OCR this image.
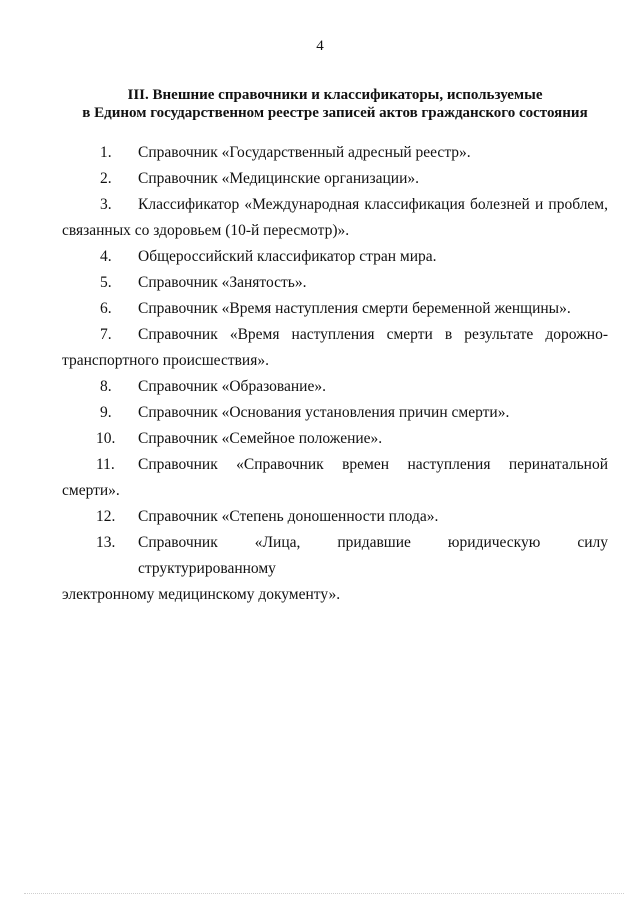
4
III. Внешние справочники и классификаторы, используемые
в Едином государственном реестре записей актов гражданского состояния
1. Справочник «Государственный адресный реестр».
2. Справочник «Медицинские организации».
3.	Классификатор «Международная классификация болезней и проблем,
связанных со здоровьем (10-й пересмотр)».
4. Общероссийский классификатор стран мира.
5. Справочник «Занятость».
6. Справочник «Время наступления смерти беременной женщины».
7.	Справочник «Время наступления смерти в результате дорожно-
транспортного происшествия».
8. Справочник «Образование».
9. Справочник «Основания установления причин смерти».
10. Справочник «Семейное положение».
11. Справочник «Справочник времен наступления перинатальной смерти».
12. Справочник «Степень доношенности плода».
13.	Справочник «Лица, придавшие юридическую силу структурированному
электронному медицинскому документу».
